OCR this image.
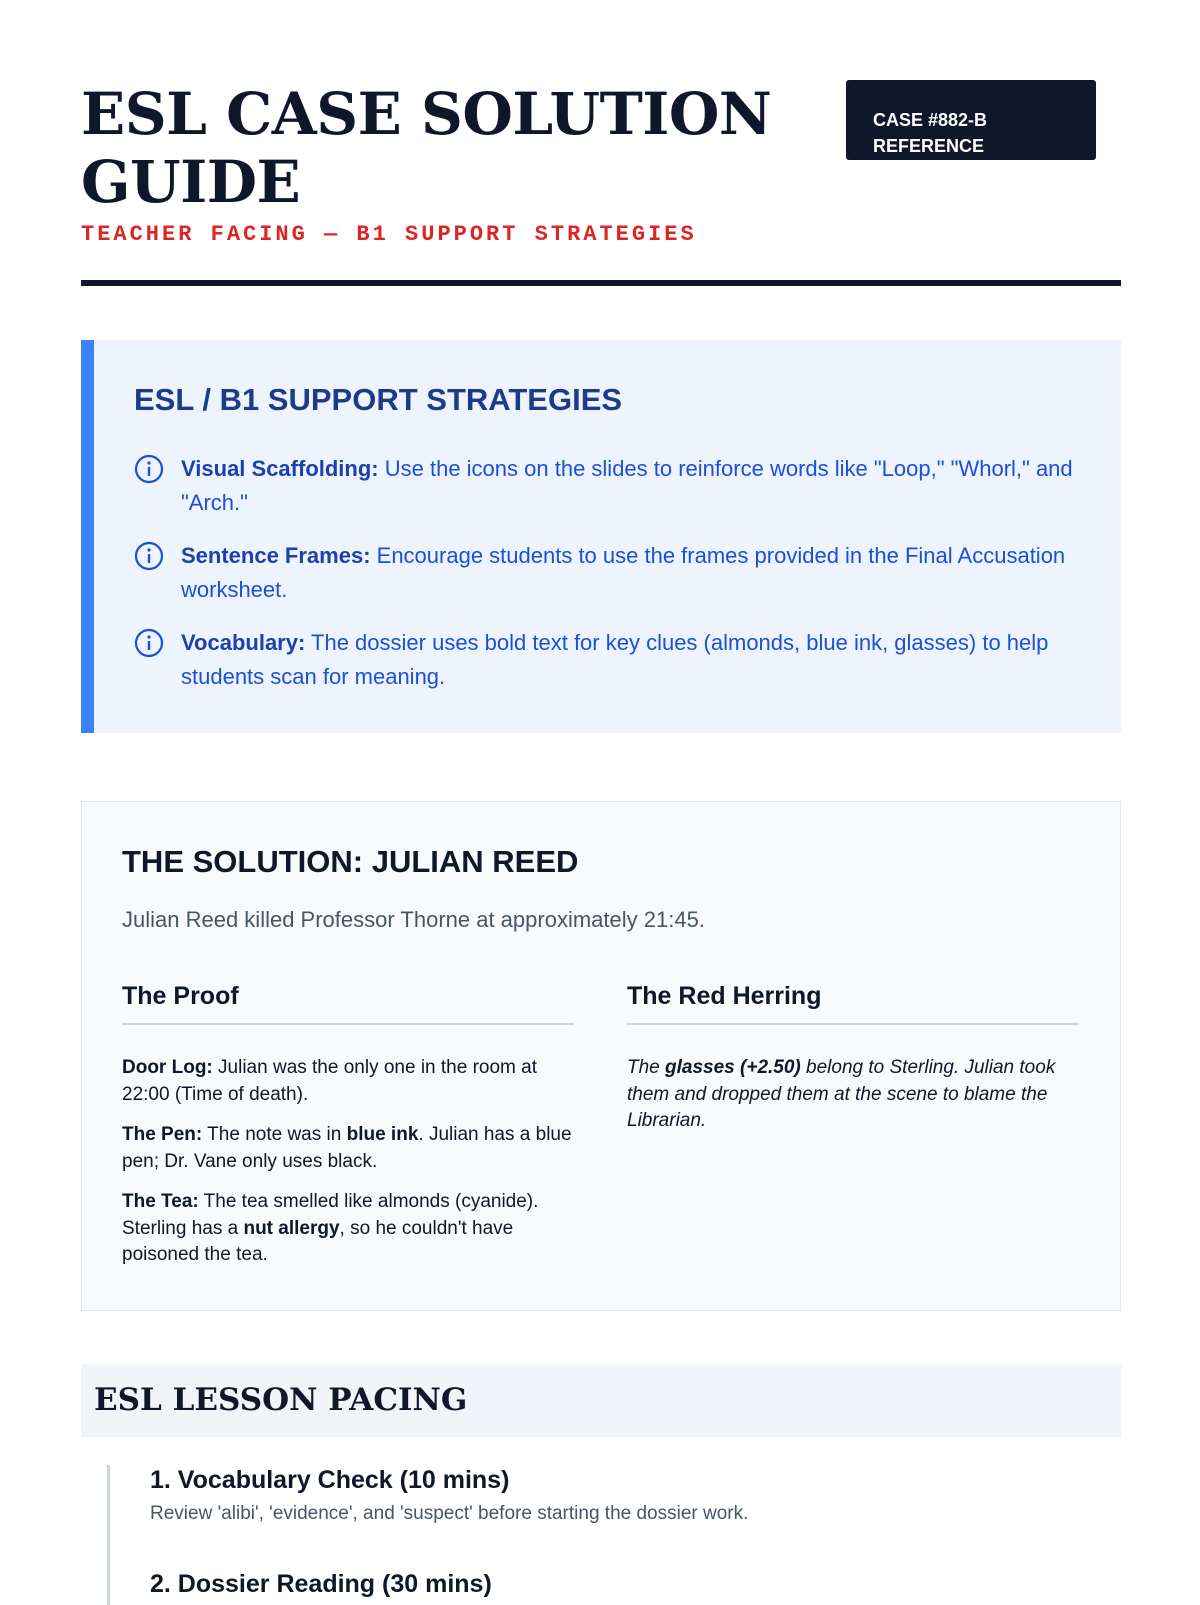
ESL CASE SOLUTION GUIDE
TEACHER FACING — B1 SUPPORT STRATEGIES
CASE #882-B
REFERENCE
ESL / B1 SUPPORT STRATEGIES
Visual Scaffolding: Use the icons on the slides to reinforce words like "Loop," "Whorl," and "Arch."
Sentence Frames: Encourage students to use the frames provided in the Final Accusation worksheet.
Vocabulary: The dossier uses bold text for key clues (almonds, blue ink, glasses) to help students scan for meaning.
THE SOLUTION: JULIAN REED
Julian Reed killed Professor Thorne at approximately 21:45.
The Proof

Door Log: Julian was the only one in the room at 22:00 (Time of death).

The Pen: The note was in blue ink. Julian has a blue pen; Dr. Vane only uses black.

The Tea: The tea smelled like almonds (cyanide). Sterling has a nut allergy, so he couldn't have poisoned the tea.

The Red Herring

The glasses (+2.50) belong to Sterling. Julian took them and dropped them at the scene to blame the Librarian.

ESL LESSON PACING
1. Vocabulary Check (10 mins)
Review 'alibi', 'evidence', and 'suspect' before starting the dossier work.
2. Dossier Reading (30 mins)
